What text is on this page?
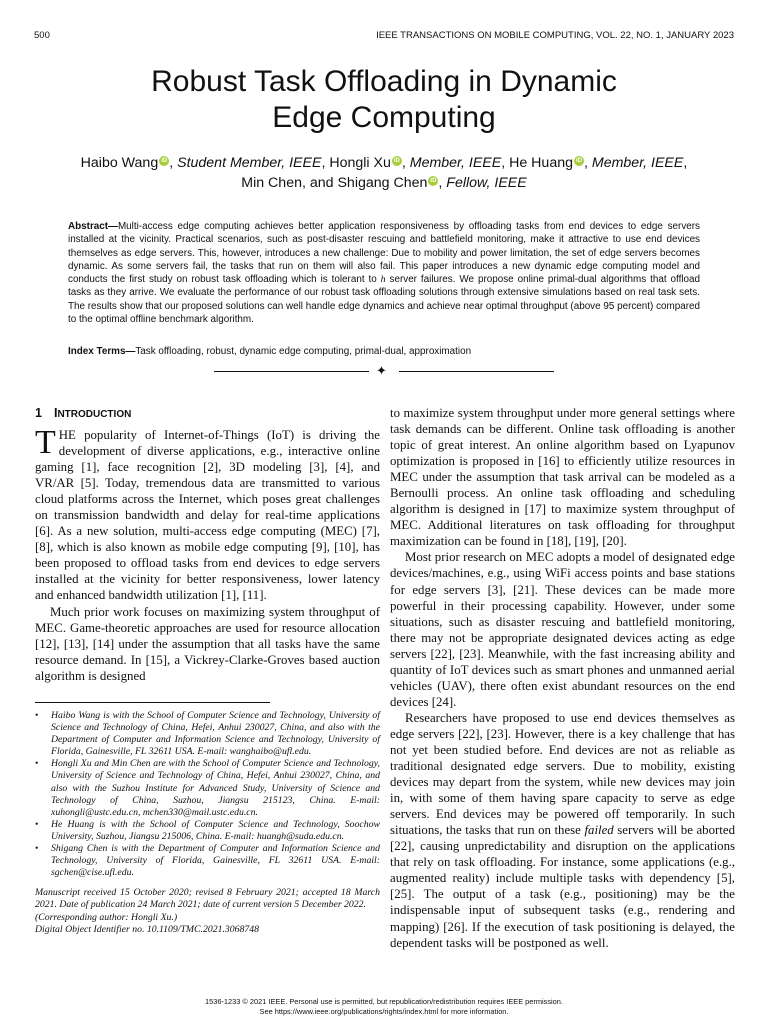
500	IEEE TRANSACTIONS ON MOBILE COMPUTING, VOL. 22, NO. 1, JANUARY 2023
Robust Task Offloading in Dynamic
Edge Computing
Haibo Wang iD , Student Member, IEEE, Hongli Xu iD , Member, IEEE, He Huang iD , Member, IEEE,
Min Chen, and Shigang Chen iD , Fellow, IEEE
Abstract—Multi-access edge computing achieves better application responsiveness by offloading tasks from end devices to edge servers installed at the vicinity. Practical scenarios, such as post-disaster rescuing and battlefield monitoring, make it attractive to use end devices themselves as edge servers. This, however, introduces a new challenge: Due to mobility and power limitation, the set of edge servers becomes dynamic. As some servers fail, the tasks that run on them will also fail. This paper introduces a new dynamic edge computing model and conducts the first study on robust task offloading which is tolerant to h server failures. We propose online primal-dual algorithms that offload tasks as they arrive. We evaluate the performance of our robust task offloading solutions through extensive simulations based on real task sets. The results show that our proposed solutions can well handle edge dynamics and achieve near optimal throughput (above 95 percent) compared to the optimal offline benchmark algorithm.
Index Terms—Task offloading, robust, dynamic edge computing, primal-dual, approximation
✦
1 INTRODUCTION

THE popularity of Internet-of-Things (IoT) is driving the development of diverse applications, e.g., interactive online gaming [1], face recognition [2], 3D modeling [3], [4], and VR/AR [5]. Today, tremendous data are transmitted to various cloud platforms across the Internet, which poses great challenges on transmission bandwidth and delay for real-time applications [6]. As a new solution, multi-access edge computing (MEC) [7], [8], which is also known as mobile edge computing [9], [10], has been proposed to offload tasks from end devices to edge servers installed at the vicinity for better responsiveness, lower latency and enhanced bandwidth utilization [1], [11].

Much prior work focuses on maximizing system throughput of MEC. Game-theoretic approaches are used for resource allocation [12], [13], [14] under the assumption that all tasks have the same resource demand. In [15], a Vickrey-Clarke-Groves based auction algorithm is designed

• Haibo Wang is with the School of Computer Science and Technology, University of Science and Technology of China, Hefei, Anhui 230027, China, and also with the Department of Computer and Information Science and Technology, University of Florida, Gainesville, FL 32611 USA. E-mail: wanghaibo@ufl.edu.
• Hongli Xu and Min Chen are with the School of Computer Science and Technology, University of Science and Technology of China, Hefei, Anhui 230027, China, and also with the Suzhou Institute for Advanced Study, University of Science and Technology of China, Suzhou, Jiangsu 215123, China. E-mail: xuhongli@ustc.edu.cn, mchen330@mail.ustc.edu.cn.
• He Huang is with the School of Computer Science and Technology, Soochow University, Suzhou, Jiangsu 215006, China. E-mail: huangh@suda.edu.cn.
• Shigang Chen is with the Department of Computer and Information Science and Technology, University of Florida, Gainesville, FL 32611 USA. E-mail: sgchen@cise.ufl.edu.
Manuscript received 15 October 2020; revised 8 February 2021; accepted 18 March 2021. Date of publication 24 March 2021; date of current version 5 December 2022.
(Corresponding author: Hongli Xu.)
Digital Object Identifier no. 10.1109/TMC.2021.3068748

to maximize system throughput under more general settings where task demands can be different. Online task offloading is another topic of great interest. An online algorithm based on Lyapunov optimization is proposed in [16] to efficiently utilize resources in MEC under the assumption that task arrival can be modeled as a Bernoulli process. An online task offloading and scheduling algorithm is designed in [17] to maximize system throughput of MEC. Additional literatures on task offloading for throughput maximization can be found in [18], [19], [20].

Most prior research on MEC adopts a model of designated edge devices/machines, e.g., using WiFi access points and base stations for edge servers [3], [21]. These devices can be made more powerful in their processing capability. However, under some situations, such as disaster rescuing and battlefield monitoring, there may not be appropriate designated devices acting as edge servers [22], [23]. Meanwhile, with the fast increasing ability and quantity of IoT devices such as smart phones and unmanned aerial vehicles (UAV), there often exist abundant resources on the end devices [24].

Researchers have proposed to use end devices themselves as edge servers [22], [23]. However, there is a key challenge that has not yet been studied before. End devices are not as reliable as traditional designated edge servers. Due to mobility, existing devices may depart from the system, while new devices may join in, with some of them having spare capacity to serve as edge servers. End devices may be powered off temporarily. In such situations, the tasks that run on these failed servers will be aborted [22], causing unpredictability and disruption on the applications that rely on task offloading. For instance, some applications (e.g., augmented reality) include multiple tasks with dependency [5], [25]. The output of a task (e.g., positioning) may be the indispensable input of subsequent tasks (e.g., rendering and mapping) [26]. If the execution of task positioning is delayed, the dependent tasks will be postponed as well.

1536-1233 © 2021 IEEE. Personal use is permitted, but republication/redistribution requires IEEE permission.
See https://www.ieee.org/publications/rights/index.html for more information.
